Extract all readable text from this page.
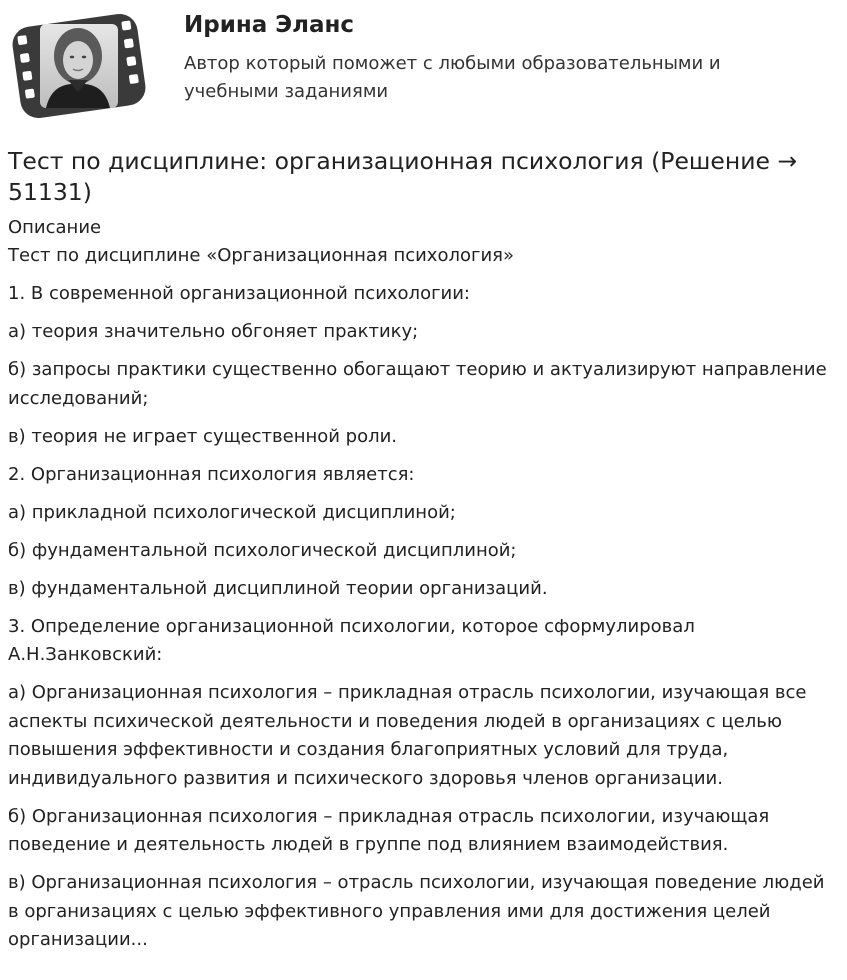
Ирина Эланс

Автор который поможет с любыми образовательными и учебными заданиями

Тест по дисциплине: организационная психология (Решение → 51131)

Описание

Тест по дисциплине «Организационная психология»

1. В современной организационной психологии:

а) теория значительно обгоняет практику;

б) запросы практики существенно обогащают теорию и актуализируют направление исследований;

в) теория не играет существенной роли.

2. Организационная психология является:

а) прикладной психологической дисциплиной;

б) фундаментальной психологической дисциплиной;

в) фундаментальной дисциплиной теории организаций.

3. Определение организационной психологии, которое сформулировал А.Н.Занковский:

а) Организационная психология – прикладная отрасль психологии, изучающая все аспекты психической деятельности и поведения людей в организациях с целью повышения эффективности и создания благоприятных условий для труда, индивидуального развития и психического здоровья членов организации.

б) Организационная психология – прикладная отрасль психологии, изучающая поведение и деятельность людей в группе под влиянием взаимодействия.

в) Организационная психология – отрасль психологии, изучающая поведение людей в организациях с целью эффективного управления ими для достижения целей организации...
